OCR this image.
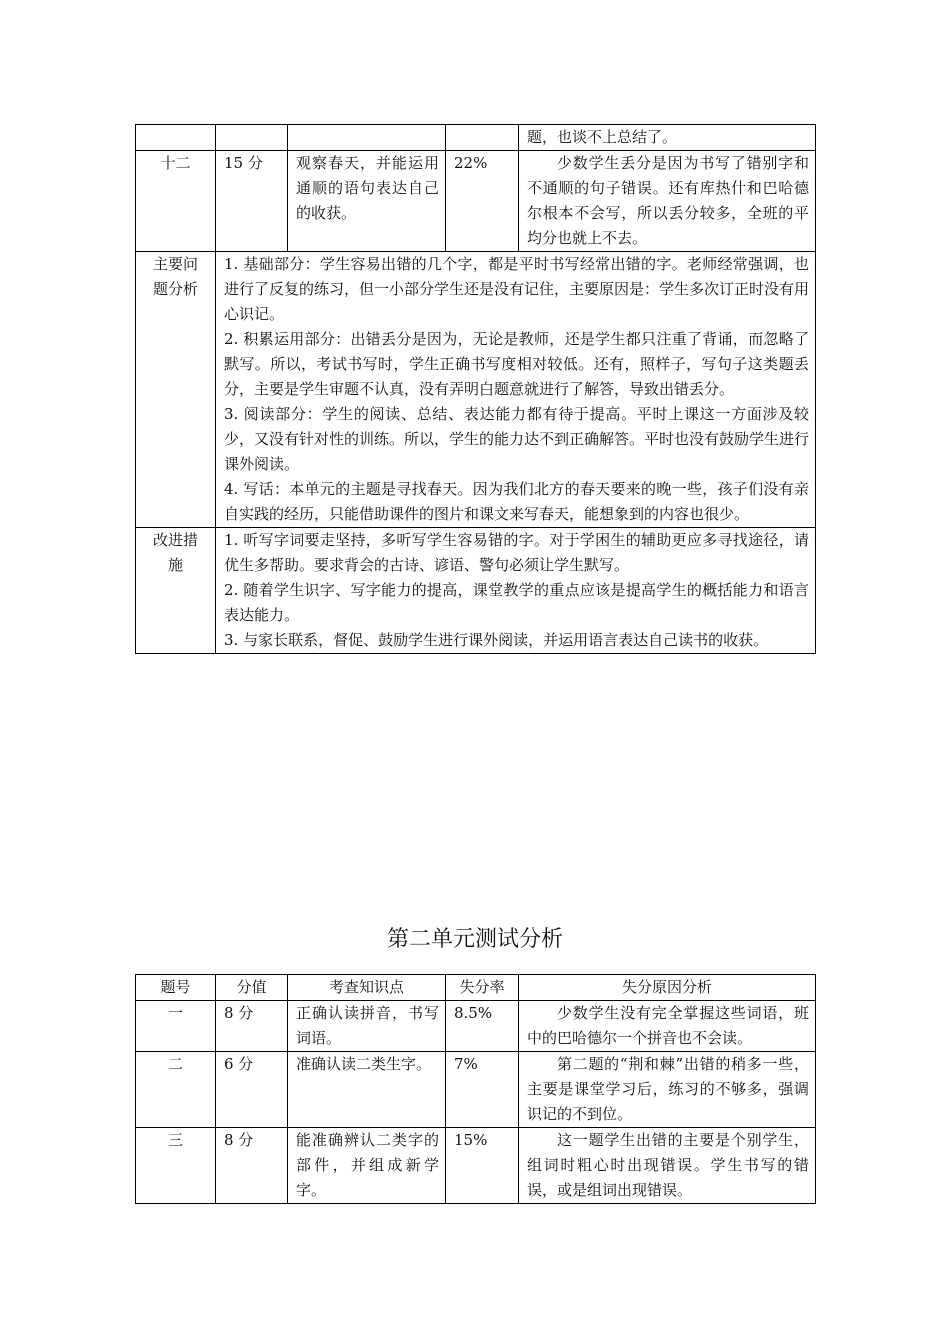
				题，也谈不上总结了。
十二	15 分	观察春天，并能运用通顺的语句表达自己的收获。	22%	少数学生丢分是因为书写了错别字和不通顺的句子错误。还有库热什和巴哈德尔根本不会写，所以丢分较多，全班的平均分也就上不去。
主要问题分析	1. 基础部分：学生容易出错的几个字，都是平时书写经常出错的字。老师经常强调，也进行了反复的练习，但一小部分学生还是没有记住，主要原因是：学生多次订正时没有用心识记。
2. 积累运用部分：出错丢分是因为，无论是教师，还是学生都只注重了背诵，而忽略了默写。所以，考试书写时，学生正确书写度相对较低。还有，照样子，写句子这类题丢分，主要是学生审题不认真，没有弄明白题意就进行了解答，导致出错丢分。
3. 阅读部分：学生的阅读、总结、表达能力都有待于提高。平时上课这一方面涉及较少，又没有针对性的训练。所以，学生的能力达不到正确解答。平时也没有鼓励学生进行课外阅读。
4. 写话：本单元的主题是寻找春天。因为我们北方的春天要来的晚一些，孩子们没有亲自实践的经历，只能借助课件的图片和课文来写春天，能想象到的内容也很少。			

改进措施	1. 听写字词要走坚持，多听写学生容易错的字。对于学困生的辅助更应多寻找途径，请优生多帮助。要求背会的古诗、谚语、警句必须让学生默写。
2. 随着学生识字、写字能力的提高，课堂教学的重点应该是提高学生的概括能力和语言表达能力。
3. 与家长联系，督促、鼓励学生进行课外阅读，并运用语言表达自己读书的收获。			
第二单元测试分析
题号	分值	考查知识点	失分率	失分原因分析
一	8 分	正确认读拼音，书写词语。	8.5%	少数学生没有完全掌握这些词语，班中的巴哈德尔一个拼音也不会读。
二	6 分	准确认读二类生字。	7%	第二题的“荆和棘”出错的稍多一些，主要是课堂学习后，练习的不够多，强调识记的不到位。
三	8 分	能准确辨认二类字的部件，并组成新学字。	15%	这一题学生出错的主要是个别学生，组词时粗心时出现错误。学生书写的错误，或是组词出现错误。
